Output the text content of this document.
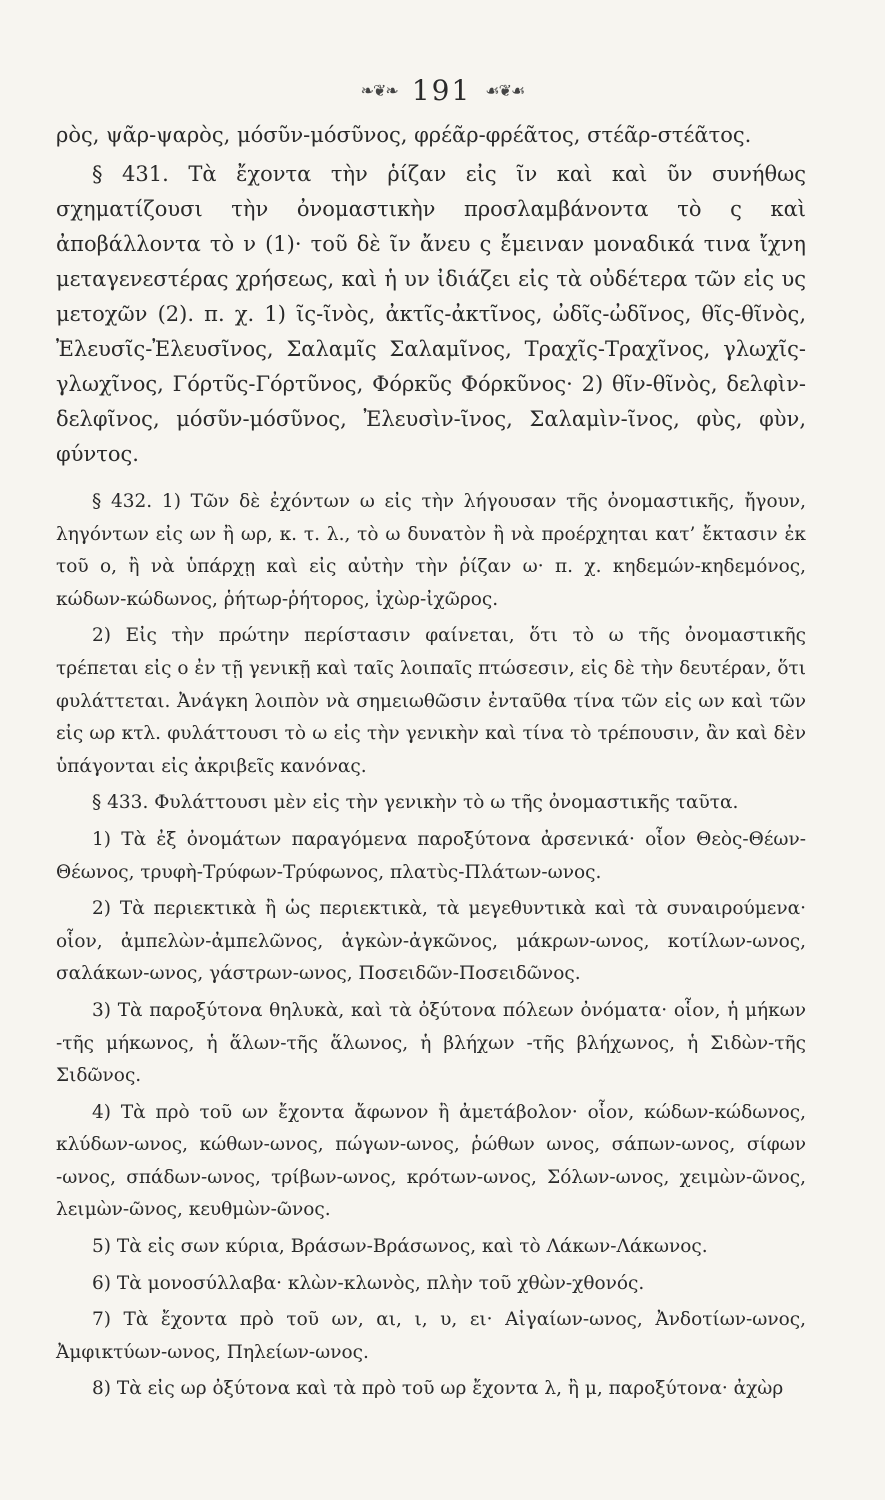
❧❦❧ 191 ☙❦☙

ρὸς, ψᾶρ-ψαρὸς, μόσῦν-μόσῦνος, φρέᾶρ-φρέᾶτος, στέᾶρ-στέᾶτος.

§ 431. Τὰ ἔχοντα τὴν ῥίζαν εἰς ῖν καὶ καὶ ῦν συνήθως σχηματίζουσι τὴν ὀνομαστικὴν προσλαμβάνοντα τὸ ς καὶ ἀποβάλλοντα τὸ ν (1)· τοῦ δὲ ῖν ἄνευ ς ἔμειναν μοναδικά τινα ἴχνη μεταγενεστέρας χρήσεως, καὶ ἡ υν ἰδιάζει εἰς τὰ οὐδέτερα τῶν εἰς υς μετοχῶν (2). π. χ. 1) ῖς-ῖνὸς, ἀκτῖς-ἀκτῖνος, ὠδῖς-ὠδῖνος, θῖς-θῖνὸς, Ἐλευσῖς-Ἐλευσῖνος, Σαλαμῖς Σαλαμῖνος, Τραχῖς-Τραχῖνος, γλωχῖς-γλωχῖνος, Γόρτῦς-Γόρτῦνος, Φόρκῦς Φόρκῦνος· 2) θῖν-θῖνὸς, δελφὶν-δελφῖνος, μόσῦν-μόσῦνος, Ἐλευσὶν-ῖνος, Σαλαμὶν-ῖνος, φὺς, φὺν, φύντος.

§ 432. 1) Τῶν δὲ ἐχόντων ω εἰς τὴν λήγουσαν τῆς ὀνομαστικῆς, ἤγουν, ληγόντων εἰς ων ἢ ωρ, κ. τ. λ., τὸ ω δυνατὸν ἢ νὰ προέρχηται κατ’ ἔκτασιν ἐκ τοῦ ο, ἢ νὰ ὑπάρχῃ καὶ εἰς αὐτὴν τὴν ῥίζαν ω· π. χ. κηδεμών-κηδεμόνος, κώδων-κώδωνος, ῥήτωρ-ῥήτορος, ἰχὼρ-ἰχῶρος.

2) Εἰς τὴν πρώτην περίστασιν φαίνεται, ὅτι τὸ ω τῆς ὀνομαστικῆς τρέπεται εἰς ο ἐν τῇ γενικῇ καὶ ταῖς λοιπαῖς πτώσεσιν, εἰς δὲ τὴν δευτέραν, ὅτι φυλάττεται. Ἀνάγκη λοιπὸν νὰ σημειωθῶσιν ἐνταῦθα τίνα τῶν εἰς ων καὶ τῶν εἰς ωρ κτλ. φυλάττουσι τὸ ω εἰς τὴν γενικὴν καὶ τίνα τὸ τρέπουσιν, ἂν καὶ δὲν ὑπάγονται εἰς ἀκριβεῖς κανόνας.

§ 433. Φυλάττουσι μὲν εἰς τὴν γενικὴν τὸ ω τῆς ὀνομαστικῆς ταῦτα.

1) Τὰ ἐξ ὀνομάτων παραγόμενα παροξύτονα ἀρσενικά· οἷον Θεὸς-Θέων-Θέωνος, τρυφὴ-Τρύφων-Τρύφωνος, πλατὺς-Πλάτων-ωνος.

2) Τὰ περιεκτικὰ ἢ ὡς περιεκτικὰ, τὰ μεγεθυντικὰ καὶ τὰ συναιρούμενα· οἷον, ἀμπελὼν-ἀμπελῶνος, ἀγκὼν-ἀγκῶνος, μάκρων-ωνος, κοτίλων-ωνος, σαλάκων-ωνος, γάστρων-ωνος, Ποσειδῶν-Ποσειδῶνος.

3) Τὰ παροξύτονα θηλυκὰ, καὶ τὰ ὀξύτονα πόλεων ὀνόματα· οἷον, ἡ μήκων -τῆς μήκωνος, ἡ ἅλων-τῆς ἅλωνος, ἡ βλήχων -τῆς βλήχωνος, ἡ Σιδὼν-τῆς Σιδῶνος.

4) Τὰ πρὸ τοῦ ων ἔχοντα ἄφωνον ἢ ἀμετάβολον· οἷον, κώδων-κώδωνος, κλύδων-ωνος, κώθων-ωνος, πώγων-ωνος, ῥώθων ωνος, σάπων-ωνος, σίφων -ωνος, σπάδων-ωνος, τρίβων-ωνος, κρότων-ωνος, Σόλων-ωνος, χειμὼν-ῶνος, λειμὼν-ῶνος, κευθμὼν-ῶνος.

5) Τὰ εἰς σων κύρια, Βράσων-Βράσωνος, καὶ τὸ Λάκων-Λάκωνος.

6) Τὰ μονοσύλλαβα· κλὼν-κλωνὸς, πλὴν τοῦ χθὼν-χθονός.

7) Τὰ ἔχοντα πρὸ τοῦ ων, αι, ι, υ, ει· Αἰγαίων-ωνος, Ἀνδοτίων-ωνος, Ἀμφικτύων-ωνος, Πηλείων-ωνος.

8) Τὰ εἰς ωρ ὀξύτονα καὶ τὰ πρὸ τοῦ ωρ ἔχοντα λ, ἢ μ, παροξύτονα· ἀχὼρ
